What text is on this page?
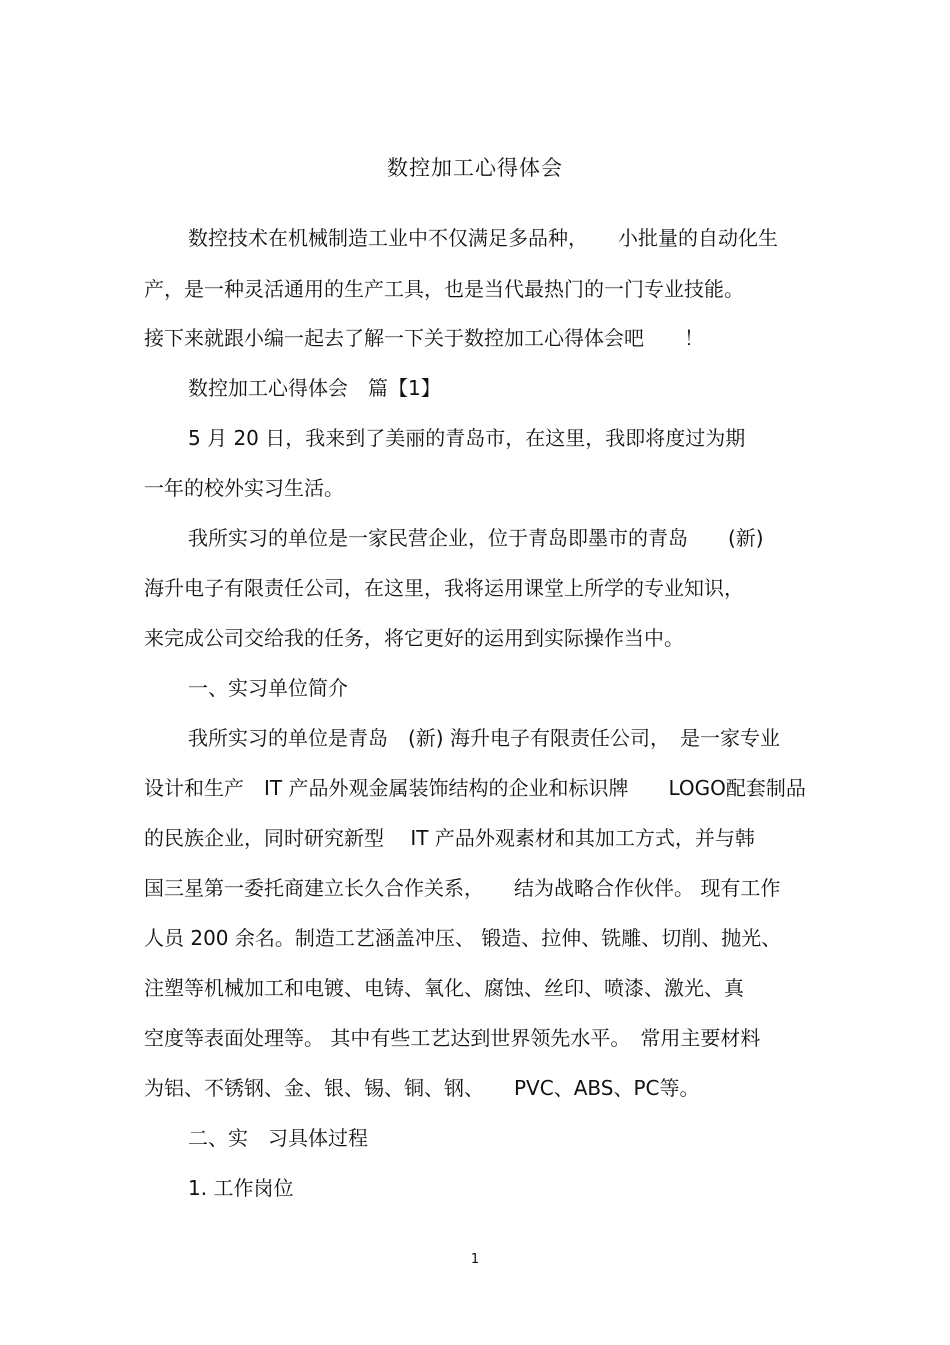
数控加工心得体会
数控技术在机械制造工业中不仅满足多品种，　　小批量的自动化生
产，是一种灵活通用的生产工具，也是当代最热门的一门专业技能。
接下来就跟小编一起去了解一下关于数控加工心得体会吧　　！
数控加工心得体会　篇【1】
5 月 20 日，我来到了美丽的青岛市，在这里，我即将度过为期
一年的校外实习生活。
我所实习的单位是一家民营企业，位于青岛即墨市的青岛　　(新)
海升电子有限责任公司，在这里，我将运用课堂上所学的专业知识，
来完成公司交给我的任务，将它更好的运用到实际操作当中。
一、实习单位简介
我所实习的单位是青岛　(新) 海升电子有限责任公司，　是一家专业
设计和生产　IT 产品外观金属装饰结构的企业和标识牌　　LOGO配套制品
的民族企业，同时研究新型　 IT 产品外观素材和其加工方式，并与韩
国三星第一委托商建立长久合作关系，　　结为战略合作伙伴。 现有工作
人员 200 余名。制造工艺涵盖冲压、 锻造、拉伸、铣雕、切削、抛光、
注塑等机械加工和电镀、电铸、氧化、腐蚀、丝印、喷漆、激光、真
空度等表面处理等。 其中有些工艺达到世界领先水平。　常用主要材料
为铝、不锈钢、金、银、锡、铜、钢、　　PVC、ABS、PC等。
二、实　习具体过程
1. 工作岗位
1
